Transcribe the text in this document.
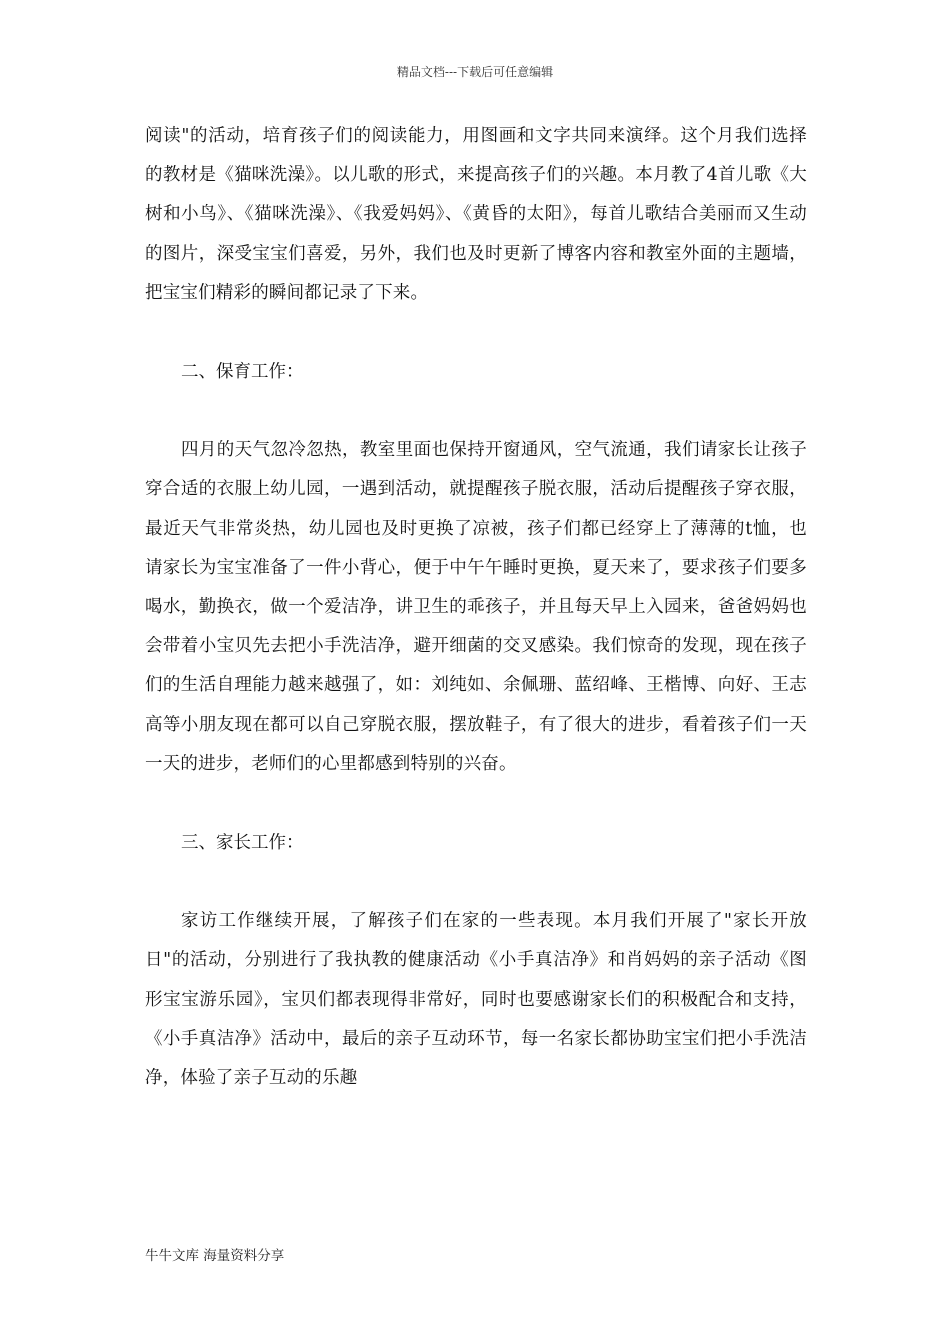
精品文档---下载后可任意编辑

阅读"的活动，培育孩子们的阅读能力，用图画和文字共同来演绎。这个月我们选择的教材是《猫咪洗澡》。以儿歌的形式，来提高孩子们的兴趣。本月教了4首儿歌《大树和小鸟》、《猫咪洗澡》、《我爱妈妈》、《黄昏的太阳》，每首儿歌结合美丽而又生动的图片，深受宝宝们喜爱，另外，我们也及时更新了博客内容和教室外面的主题墙，把宝宝们精彩的瞬间都记录了下来。

二、保育工作：

四月的天气忽冷忽热，教室里面也保持开窗通风，空气流通，我们请家长让孩子穿合适的衣服上幼儿园，一遇到活动，就提醒孩子脱衣服，活动后提醒孩子穿衣服，最近天气非常炎热，幼儿园也及时更换了凉被，孩子们都已经穿上了薄薄的t恤，也请家长为宝宝准备了一件小背心，便于中午午睡时更换，夏天来了，要求孩子们要多喝水，勤换衣，做一个爱洁净，讲卫生的乖孩子，并且每天早上入园来，爸爸妈妈也会带着小宝贝先去把小手洗洁净，避开细菌的交叉感染。我们惊奇的发现，现在孩子们的生活自理能力越来越强了，如：刘纯如、余佩珊、蓝绍峰、王楷博、向好、王志高等小朋友现在都可以自己穿脱衣服，摆放鞋子，有了很大的进步，看着孩子们一天一天的进步，老师们的心里都感到特别的兴奋。

三、家长工作：

家访工作继续开展，了解孩子们在家的一些表现。本月我们开展了"家长开放日"的活动，分别进行了我执教的健康活动《小手真洁净》和肖妈妈的亲子活动《图形宝宝游乐园》，宝贝们都表现得非常好，同时也要感谢家长们的积极配合和支持，《小手真洁净》活动中，最后的亲子互动环节，每一名家长都协助宝宝们把小手洗洁净，体验了亲子互动的乐趣

牛牛文库 海量资料分享
